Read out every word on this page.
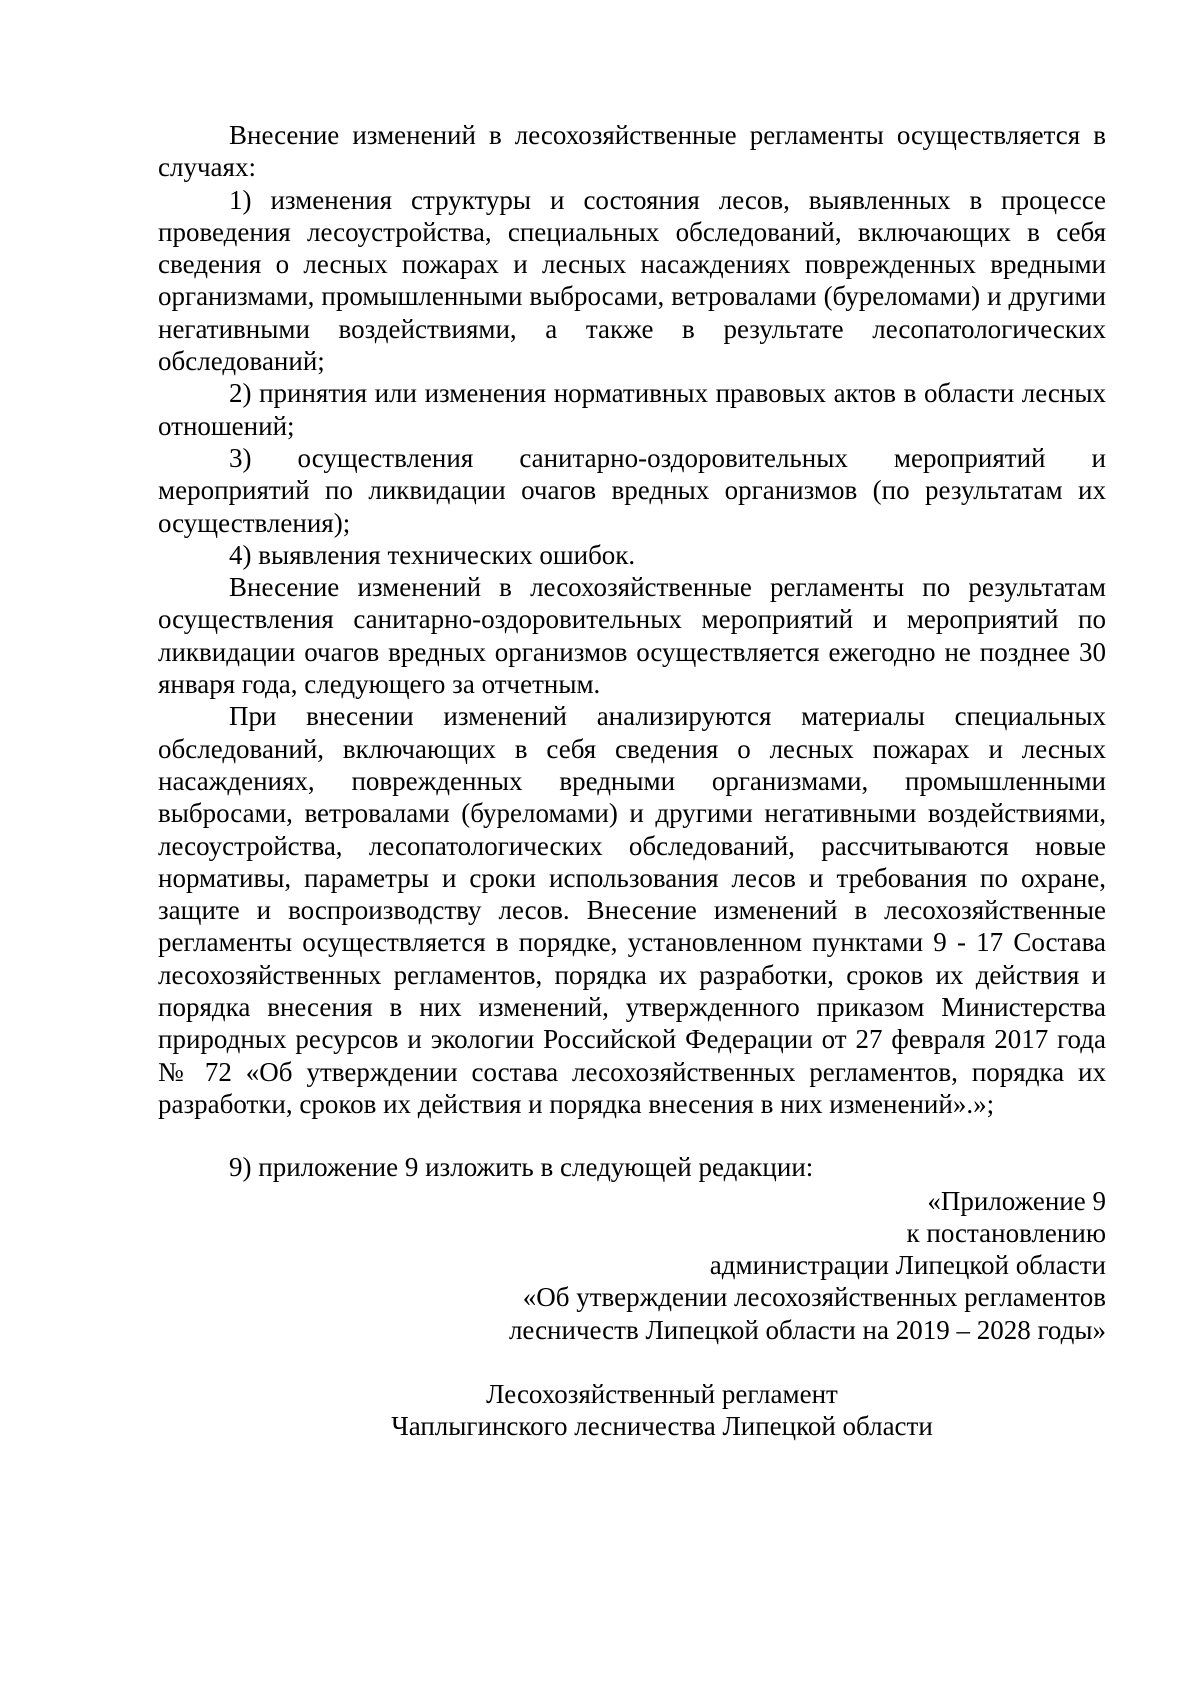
Внесение изменений в лесохозяйственные регламенты осуществляется в случаях:

1) изменения структуры и состояния лесов, выявленных в процессе проведения лесоустройства, специальных обследований, включающих в себя сведения о лесных пожарах и лесных насаждениях поврежденных вредными организмами, промышленными выбросами, ветровалами (буреломами) и другими негативными воздействиями, а также в результате лесопатологических обследований;

2) принятия или изменения нормативных правовых актов в области лесных отношений;

3) осуществления санитарно-оздоровительных мероприятий и мероприятий по ликвидации очагов вредных организмов (по результатам их осуществления);

4) выявления технических ошибок.

Внесение изменений в лесохозяйственные регламенты по результатам осуществления санитарно-оздоровительных мероприятий и мероприятий по ликвидации очагов вредных организмов осуществляется ежегодно не позднее 30 января года, следующего за отчетным.

При внесении изменений анализируются материалы специальных обследований, включающих в себя сведения о лесных пожарах и лесных насаждениях, поврежденных вредными организмами, промышленными выбросами, ветровалами (буреломами) и другими негативными воздействиями, лесоустройства, лесопатологических обследований, рассчитываются новые нормативы, параметры и сроки использования лесов и требования по охране, защите и воспроизводству лесов. Внесение изменений в лесохозяйственные регламенты осуществляется в порядке, установленном пунктами 9 - 17 Состава лесохозяйственных регламентов, порядка их разработки, сроков их действия и порядка внесения в них изменений, утвержденного приказом Министерства природных ресурсов и экологии Российской Федерации от 27 февраля 2017 года № 72 «Об утверждении состава лесохозяйственных регламентов, порядка их разработки, сроков их действия и порядка внесения в них изменений».»;

9) приложение 9 изложить в следующей редакции:

«Приложение 9
к постановлению
администрации Липецкой области
«Об утверждении лесохозяйственных регламентов
лесничеств Липецкой области на 2019 – 2028 годы»
Лесохозяйственный регламент
Чаплыгинского лесничества Липецкой области
